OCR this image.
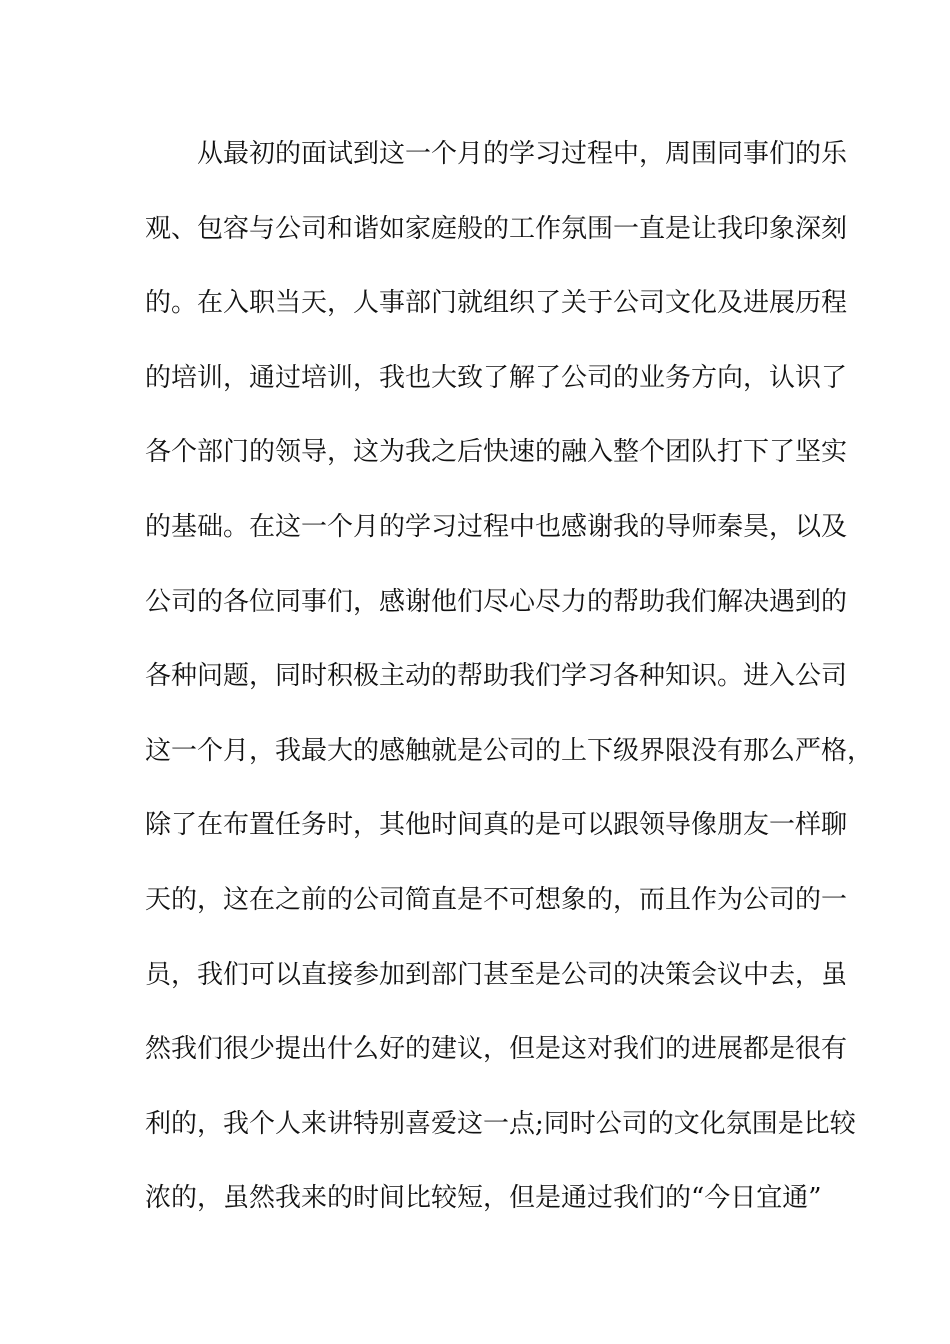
从最初的面试到这一个月的学习过程中，周围同事们的乐
观、包容与公司和谐如家庭般的工作氛围一直是让我印象深刻
的。在入职当天，人事部门就组织了关于公司文化及进展历程
的培训，通过培训，我也大致了解了公司的业务方向，认识了
各个部门的领导，这为我之后快速的融入整个团队打下了坚实
的基础。在这一个月的学习过程中也感谢我的导师秦昊，以及
公司的各位同事们，感谢他们尽心尽力的帮助我们解决遇到的
各种问题，同时积极主动的帮助我们学习各种知识。进入公司
这一个月，我最大的感触就是公司的上下级界限没有那么严格，
除了在布置任务时，其他时间真的是可以跟领导像朋友一样聊
天的，这在之前的公司简直是不可想象的，而且作为公司的一
员，我们可以直接参加到部门甚至是公司的决策会议中去，虽
然我们很少提出什么好的建议，但是这对我们的进展都是很有
利的，我个人来讲特别喜爱这一点;同时公司的文化氛围是比较
浓的，虽然我来的时间比较短，但是通过我们的“今日宜通”
